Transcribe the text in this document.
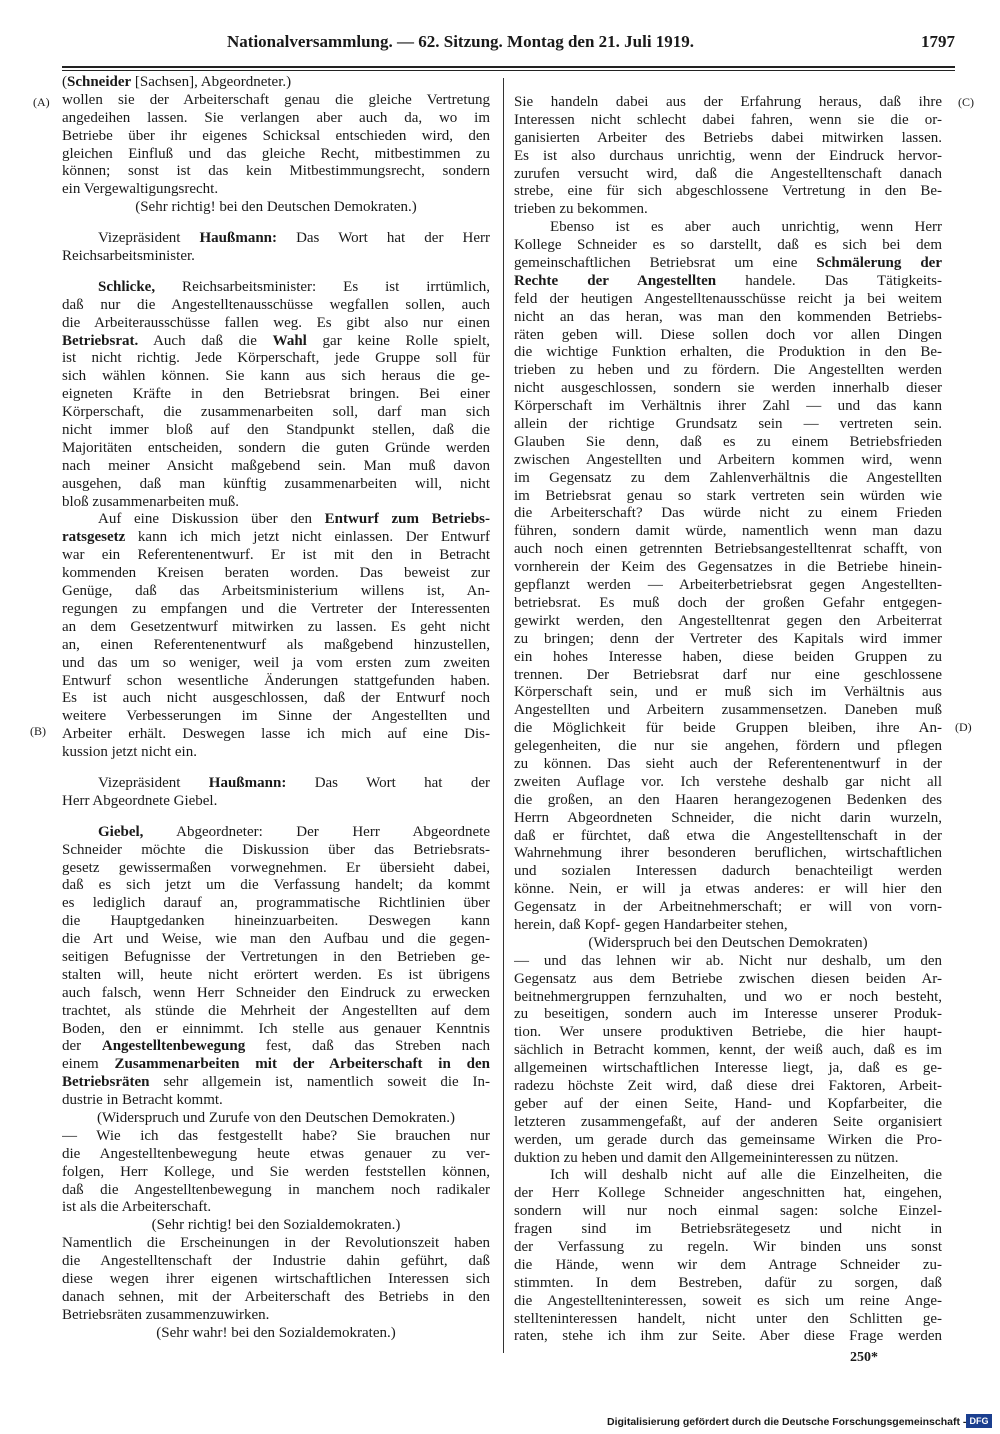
Nationalversammlung. — 62. Sitzung. Montag den 21. Juli 1919.	1797
(Schneider [Sachsen], Abgeordneter.)
wollen sie der Arbeiterschaft genau die gleiche Vertretung
angedeihen lassen. Sie verlangen aber auch da, wo im
Betriebe über ihr eigenes Schicksal entschieden wird, den
gleichen Einfluß und das gleiche Recht, mitbestimmen zu
können; sonst ist das kein Mitbestimmungsrecht, sondern
ein Vergewaltigungsrecht.
(Sehr richtig! bei den Deutschen Demokraten.)
Vizepräsident Haußmann: Das Wort hat der Herr
Reichsarbeitsminister.
Schlicke, Reichsarbeitsminister: Es ist irrtümlich,
daß nur die Angestelltenausschüsse wegfallen sollen, auch
die Arbeiterausschüsse fallen weg. Es gibt also nur einen
Betriebsrat. Auch daß die Wahl gar keine Rolle spielt,
ist nicht richtig. Jede Körperschaft, jede Gruppe soll für
sich wählen können. Sie kann aus sich heraus die ge-
eigneten Kräfte in den Betriebsrat bringen. Bei einer
Körperschaft, die zusammenarbeiten soll, darf man sich
nicht immer bloß auf den Standpunkt stellen, daß die
Majoritäten entscheiden, sondern die guten Gründe werden
nach meiner Ansicht maßgebend sein. Man muß davon
ausgehen, daß man künftig zusammenarbeiten will, nicht
bloß zusammenarbeiten muß.
Auf eine Diskussion über den Entwurf zum Betriebs-
ratsgesetz kann ich mich jetzt nicht einlassen. Der Entwurf
war ein Referentenentwurf. Er ist mit den in Betracht
kommenden Kreisen beraten worden. Das beweist zur
Genüge, daß das Arbeitsministerium willens ist, An-
regungen zu empfangen und die Vertreter der Interessenten
an dem Gesetzentwurf mitwirken zu lassen. Es geht nicht
an, einen Referentenentwurf als maßgebend hinzustellen,
und das um so weniger, weil ja vom ersten zum zweiten
Entwurf schon wesentliche Änderungen stattgefunden haben.
Es ist auch nicht ausgeschlossen, daß der Entwurf noch
weitere Verbesserungen im Sinne der Angestellten und
Arbeiter erhält. Deswegen lasse ich mich auf eine Dis-
kussion jetzt nicht ein.
Vizepräsident Haußmann: Das Wort hat der
Herr Abgeordnete Giebel.
Giebel, Abgeordneter: Der Herr Abgeordnete
Schneider möchte die Diskussion über das Betriebsrats-
gesetz gewissermaßen vorwegnehmen. Er übersieht dabei,
daß es sich jetzt um die Verfassung handelt; da kommt
es lediglich darauf an, programmatische Richtlinien über
die Hauptgedanken hineinzuarbeiten. Deswegen kann
die Art und Weise, wie man den Aufbau und die gegen-
seitigen Befugnisse der Vertretungen in den Betrieben ge-
stalten will, heute nicht erörtert werden. Es ist übrigens
auch falsch, wenn Herr Schneider den Eindruck zu erwecken
trachtet, als stünde die Mehrheit der Angestellten auf dem
Boden, den er einnimmt. Ich stelle aus genauer Kenntnis
der Angestelltenbewegung fest, daß das Streben nach
einem Zusammenarbeiten mit der Arbeiterschaft in den
Betriebsräten sehr allgemein ist, namentlich soweit die In-
dustrie in Betracht kommt.
(Widerspruch und Zurufe von den Deutschen Demokraten.)
— Wie ich das festgestellt habe? Sie brauchen nur
die Angestelltenbewegung heute etwas genauer zu ver-
folgen, Herr Kollege, und Sie werden feststellen können,
daß die Angestelltenbewegung in manchem noch radikaler
ist als die Arbeiterschaft.
(Sehr richtig! bei den Sozialdemokraten.)
Namentlich die Erscheinungen in der Revolutionszeit haben
die Angestelltenschaft der Industrie dahin geführt, daß
diese wegen ihrer eigenen wirtschaftlichen Interessen sich
danach sehnen, mit der Arbeiterschaft des Betriebs in den
Betriebsräten zusammenzuwirken.
(Sehr wahr! bei den Sozialdemokraten.)
Sie handeln dabei aus der Erfahrung heraus, daß ihre
Interessen nicht schlecht dabei fahren, wenn sie die or-
ganisierten Arbeiter des Betriebs dabei mitwirken lassen.
Es ist also durchaus unrichtig, wenn der Eindruck hervor-
zurufen versucht wird, daß die Angestelltenschaft danach
strebe, eine für sich abgeschlossene Vertretung in den Be-
trieben zu bekommen.
Ebenso ist es aber auch unrichtig, wenn Herr
Kollege Schneider es so darstellt, daß es sich bei dem
gemeinschaftlichen Betriebsrat um eine Schmälerung der
Rechte der Angestellten handele. Das Tätigkeits-
feld der heutigen Angestelltenausschüsse reicht ja bei weitem
nicht an das heran, was man den kommenden Betriebs-
räten geben will. Diese sollen doch vor allen Dingen
die wichtige Funktion erhalten, die Produktion in den Be-
trieben zu heben und zu fördern. Die Angestellten werden
nicht ausgeschlossen, sondern sie werden innerhalb dieser
Körperschaft im Verhältnis ihrer Zahl — und das kann
allein der richtige Grundsatz sein — vertreten sein.
Glauben Sie denn, daß es zu einem Betriebsfrieden
zwischen Angestellten und Arbeitern kommen wird, wenn
im Gegensatz zu dem Zahlenverhältnis die Angestellten
im Betriebsrat genau so stark vertreten sein würden wie
die Arbeiterschaft? Das würde nicht zu einem Frieden
führen, sondern damit würde, namentlich wenn man dazu
auch noch einen getrennten Betriebsangestelltenrat schafft, von
vornherein der Keim des Gegensatzes in die Betriebe hinein-
gepflanzt werden — Arbeiterbetriebsrat gegen Angestellten-
betriebsrat. Es muß doch der großen Gefahr entgegen-
gewirkt werden, den Angestelltenrat gegen den Arbeiterrat
zu bringen; denn der Vertreter des Kapitals wird immer
ein hohes Interesse haben, diese beiden Gruppen zu
trennen. Der Betriebsrat darf nur eine geschlossene
Körperschaft sein, und er muß sich im Verhältnis aus
Angestellten und Arbeitern zusammensetzen. Daneben muß
die Möglichkeit für beide Gruppen bleiben, ihre An-
gelegenheiten, die nur sie angehen, fördern und pflegen
zu können. Das sieht auch der Referentenentwurf in der
zweiten Auflage vor. Ich verstehe deshalb gar nicht all
die großen, an den Haaren herangezogenen Bedenken des
Herrn Abgeordneten Schneider, die nicht darin wurzeln,
daß er fürchtet, daß etwa die Angestelltenschaft in der
Wahrnehmung ihrer besonderen beruflichen, wirtschaftlichen
und sozialen Interessen dadurch benachteiligt werden
könne. Nein, er will ja etwas anderes: er will hier den
Gegensatz in der Arbeitnehmerschaft; er will von vorn-
herein, daß Kopf- gegen Handarbeiter stehen,
(Widerspruch bei den Deutschen Demokraten)
— und das lehnen wir ab. Nicht nur deshalb, um den
Gegensatz aus dem Betriebe zwischen diesen beiden Ar-
beitnehmergruppen fernzuhalten, und wo er noch besteht,
zu beseitigen, sondern auch im Interesse unserer Produk-
tion. Wer unsere produktiven Betriebe, die hier haupt-
sächlich in Betracht kommen, kennt, der weiß auch, daß es im
allgemeinen wirtschaftlichen Interesse liegt, ja, daß es ge-
radezu höchste Zeit wird, daß diese drei Faktoren, Arbeit-
geber auf der einen Seite, Hand- und Kopfarbeiter, die
letzteren zusammengefaßt, auf der anderen Seite organisiert
werden, um gerade durch das gemeinsame Wirken die Pro-
duktion zu heben und damit den Allgemeininteressen zu nützen.
Ich will deshalb nicht auf alle die Einzelheiten, die
der Herr Kollege Schneider angeschnitten hat, eingehen,
sondern will nur noch einmal sagen: solche Einzel-
fragen sind im Betriebsrätegesetz und nicht in
der Verfassung zu regeln. Wir binden uns sonst
die Hände, wenn wir dem Antrage Schneider zu-
stimmten. In dem Bestreben, dafür zu sorgen, daß
die Angestellteninteressen, soweit es sich um reine Ange-
stellteninteressen handelt, nicht unter den Schlitten ge-
raten, stehe ich ihm zur Seite. Aber diese Frage werden
(A)
(B)
(C)
(D)
250*
Digitalisierung gefördert durch die Deutsche Forschungsgemeinschaft - DFG
